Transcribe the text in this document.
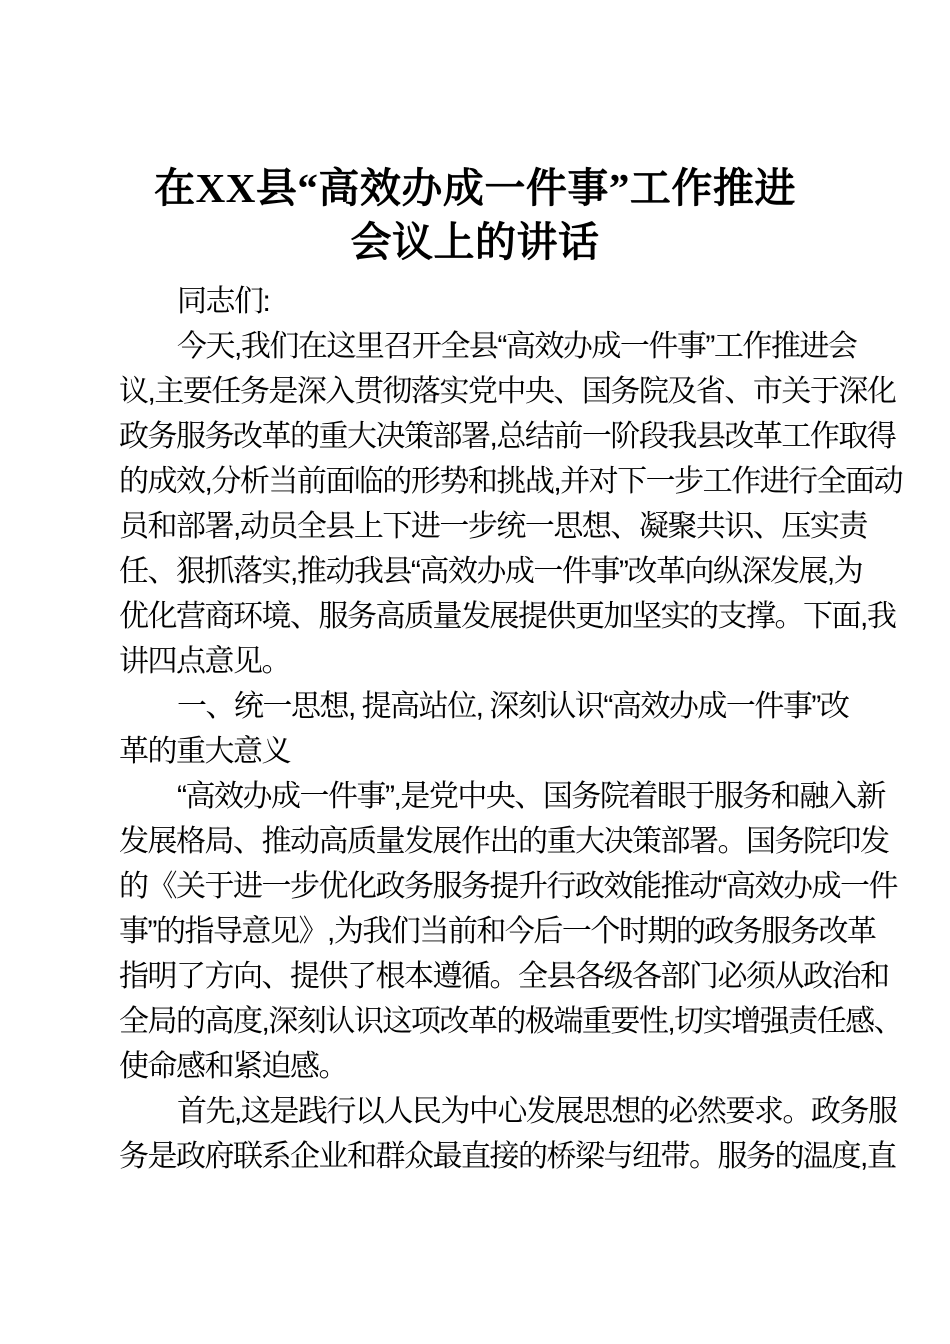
在XX县“高效办成一件事”工作推进
会议上的讲话
同志们:
今天,我们在这里召开全县“高效办成一件事”工作推进会
议,主要任务是深入贯彻落实党中央、国务院及省、市关于深化
政务服务改革的重大决策部署,总结前一阶段我县改革工作取得
的成效,分析当前面临的形势和挑战,并对下一步工作进行全面动
员和部署,动员全县上下进一步统一思想、凝聚共识、压实责
任、狠抓落实,推动我县“高效办成一件事”改革向纵深发展,为
优化营商环境、服务高质量发展提供更加坚实的支撑。下面,我
讲四点意见。
一、统一思想, 提高站位, 深刻认识“高效办成一件事”改
革的重大意义
“高效办成一件事”,是党中央、国务院着眼于服务和融入新
发展格局、推动高质量发展作出的重大决策部署。国务院印发
的《关于进一步优化政务服务提升行政效能推动“高效办成一件
事”的指导意见》,为我们当前和今后一个时期的政务服务改革
指明了方向、提供了根本遵循。全县各级各部门必须从政治和
全局的高度,深刻认识这项改革的极端重要性,切实增强责任感、
使命感和紧迫感。
首先,这是践行以人民为中心发展思想的必然要求。政务服
务是政府联系企业和群众最直接的桥梁与纽带。服务的温度,直
